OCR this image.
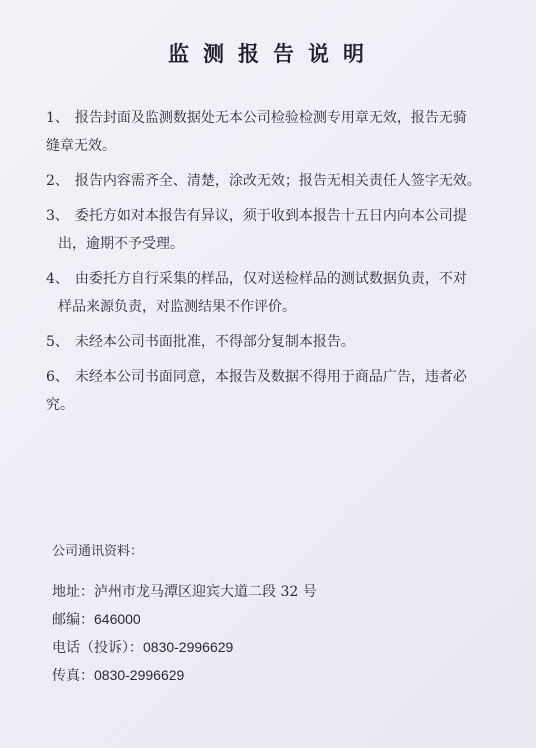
监测报告说明
1、 报告封面及监测数据处无本公司检验检测专用章无效，报告无骑
缝章无效。
2、 报告内容需齐全、清楚，涂改无效；报告无相关责任人签字无效。
3、 委托方如对本报告有异议，须于收到本报告十五日内向本公司提
出，逾期不予受理。
4、 由委托方自行采集的样品，仅对送检样品的测试数据负责，不对
样品来源负责，对监测结果不作评价。
5、 未经本公司书面批准，不得部分复制本报告。
6、 未经本公司书面同意，本报告及数据不得用于商品广告，违者必
究。
公司通讯资料：
地址：泸州市龙马潭区迎宾大道二段 32 号
邮编：646000
电话（投诉）：0830-2996629
传真：0830-2996629
